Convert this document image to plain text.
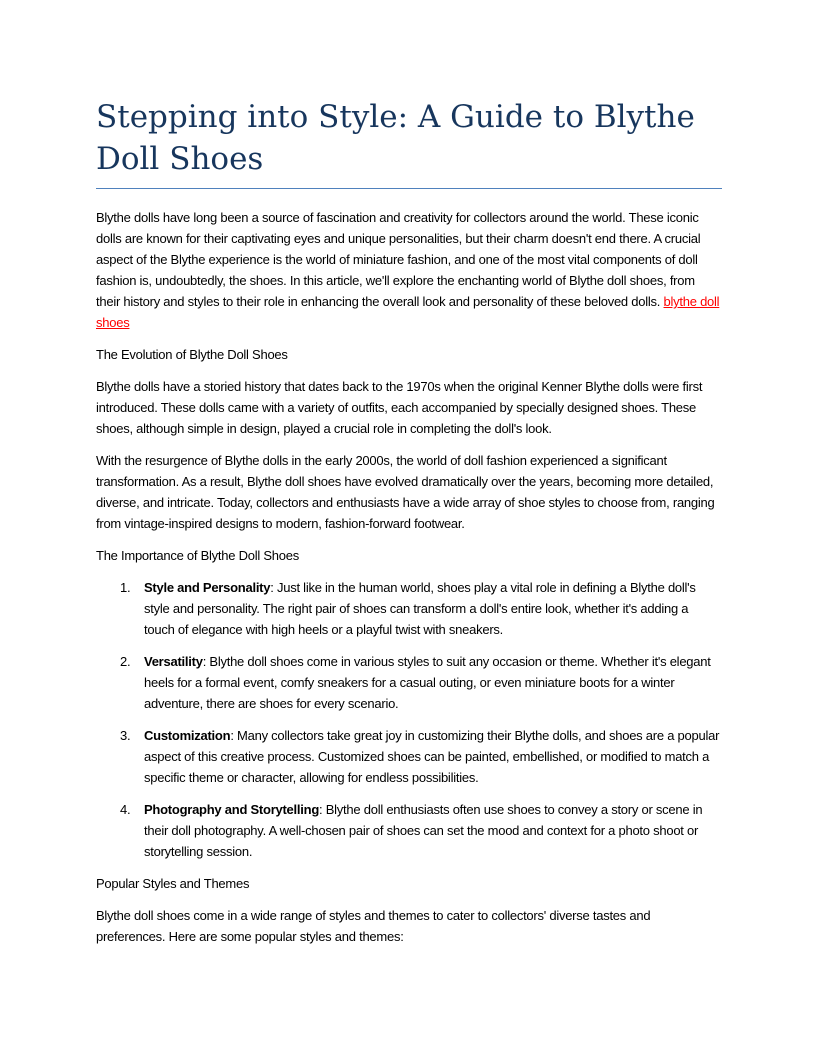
Stepping into Style: A Guide to Blythe Doll Shoes

Blythe dolls have long been a source of fascination and creativity for collectors around the world. These iconic dolls are known for their captivating eyes and unique personalities, but their charm doesn't end there. A crucial aspect of the Blythe experience is the world of miniature fashion, and one of the most vital components of doll fashion is, undoubtedly, the shoes. In this article, we'll explore the enchanting world of Blythe doll shoes, from their history and styles to their role in enhancing the overall look and personality of these beloved dolls. blythe doll shoes

The Evolution of Blythe Doll Shoes

Blythe dolls have a storied history that dates back to the 1970s when the original Kenner Blythe dolls were first introduced. These dolls came with a variety of outfits, each accompanied by specially designed shoes. These shoes, although simple in design, played a crucial role in completing the doll's look.

With the resurgence of Blythe dolls in the early 2000s, the world of doll fashion experienced a significant transformation. As a result, Blythe doll shoes have evolved dramatically over the years, becoming more detailed, diverse, and intricate. Today, collectors and enthusiasts have a wide array of shoe styles to choose from, ranging from vintage-inspired designs to modern, fashion-forward footwear.

The Importance of Blythe Doll Shoes

1. Style and Personality: Just like in the human world, shoes play a vital role in defining a Blythe doll's style and personality. The right pair of shoes can transform a doll's entire look, whether it's adding a touch of elegance with high heels or a playful twist with sneakers.
2. Versatility: Blythe doll shoes come in various styles to suit any occasion or theme. Whether it's elegant heels for a formal event, comfy sneakers for a casual outing, or even miniature boots for a winter adventure, there are shoes for every scenario.
3. Customization: Many collectors take great joy in customizing their Blythe dolls, and shoes are a popular aspect of this creative process. Customized shoes can be painted, embellished, or modified to match a specific theme or character, allowing for endless possibilities.
4. Photography and Storytelling: Blythe doll enthusiasts often use shoes to convey a story or scene in their doll photography. A well-chosen pair of shoes can set the mood and context for a photo shoot or storytelling session.

Popular Styles and Themes

Blythe doll shoes come in a wide range of styles and themes to cater to collectors' diverse tastes and preferences. Here are some popular styles and themes:
